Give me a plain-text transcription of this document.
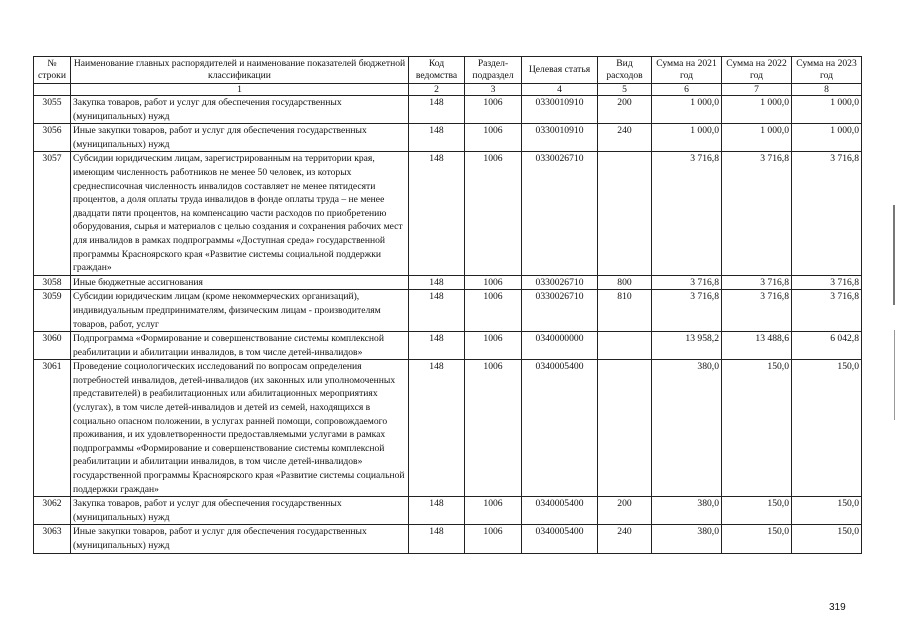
№ строки	Наименование главных распорядителей и наименование показателей бюджетной классификации	Код ведомства	Раздел-подраздел	Целевая статья	Вид расходов	Сумма на 2021 год	Сумма на 2022 год	Сумма на 2023 год
	1	2	3	4	5	6	7	8
3055	Закупка товаров, работ и услуг для обеспечения государственных (муниципальных) нужд	148	1006	0330010910	200	1 000,0	1 000,0	1 000,0
3056	Иные закупки товаров, работ и услуг для обеспечения государственных (муниципальных) нужд	148	1006	0330010910	240	1 000,0	1 000,0	1 000,0
3057	Субсидии юридическим лицам, зарегистрированным на территории края, имеющим численность работников не менее 50 человек, из которых среднесписочная численность инвалидов составляет не менее пятидесяти процентов, а доля оплаты труда инвалидов в фонде оплаты труда – не менее двадцати пяти процентов, на компенсацию части расходов по приобретению оборудования, сырья и материалов с целью создания и сохранения рабочих мест для инвалидов в рамках подпрограммы «Доступная среда» государственной программы Красноярского края «Развитие системы социальной поддержки граждан»	148	1006	0330026710		3 716,8	3 716,8	3 716,8
3058	Иные бюджетные ассигнования	148	1006	0330026710	800	3 716,8	3 716,8	3 716,8
3059	Субсидии юридическим лицам (кроме некоммерческих организаций), индивидуальным предпринимателям, физическим лицам - производителям товаров, работ, услуг	148	1006	0330026710	810	3 716,8	3 716,8	3 716,8
3060	Подпрограмма «Формирование и совершенствование системы комплексной реабилитации и абилитации инвалидов, в том числе детей-инвалидов»	148	1006	0340000000		13 958,2	13 488,6	6 042,8
3061	Проведение социологических исследований по вопросам определения потребностей инвалидов, детей-инвалидов (их законных или уполномоченных представителей) в реабилитационных или абилитационных мероприятиях (услугах), в том числе детей-инвалидов и детей из семей, находящихся в социально опасном положении, в услугах ранней помощи, сопровождаемого проживания, и их удовлетворенности предоставляемыми услугами в рамках подпрограммы «Формирование и совершенствование системы комплексной реабилитации и абилитации инвалидов, в том числе детей-инвалидов» государственной программы Красноярского края «Развитие системы социальной поддержки граждан»	148	1006	0340005400		380,0	150,0	150,0
3062	Закупка товаров, работ и услуг для обеспечения государственных (муниципальных) нужд	148	1006	0340005400	200	380,0	150,0	150,0
3063	Иные закупки товаров, работ и услуг для обеспечения государственных (муниципальных) нужд	148	1006	0340005400	240	380,0	150,0	150,0
319
